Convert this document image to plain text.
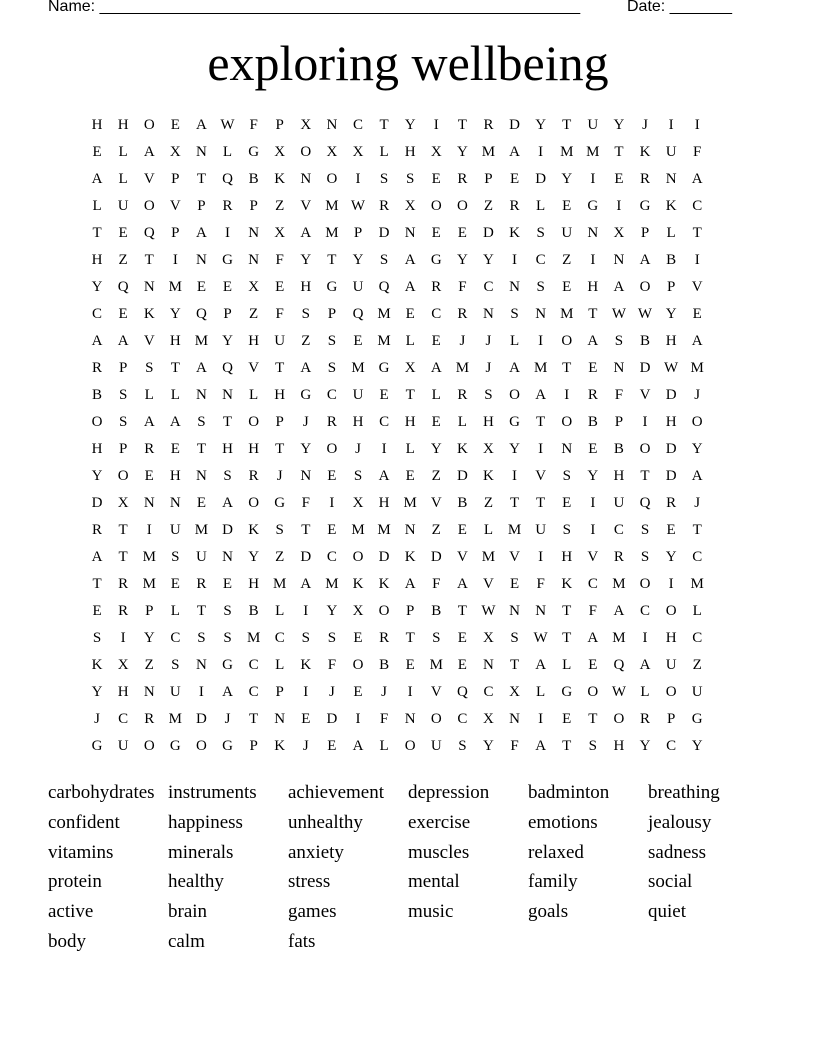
Name: ______________________________________________________	Date: _______
exploring wellbeing
H H O E A W F P X N C T Y I T R D Y T U Y J I I
E L A X N L G X O X X L H X Y M A I M M T K U F
A L V P T Q B K N O I S S E R P E D Y I E R N A
L U O V P R P Z V M W R X O O Z R L E G I G K C
T E Q P A I N X A M P D N E E D K S U N X P L T
H Z T I N G N F Y T Y S A G Y Y I C Z I N A B I
Y Q N M E E X E H G U Q A R F C N S E H A O P V
C E K Y Q P Z F S P Q M E C R N S N M T W W Y E
A A V H M Y H U Z S E M L E J J L I O A S B H A
R P S T A Q V T A S M G X A M J A M T E N D W M
B S L L N N L H G C U E T L R S O A I R F V D J
O S A A S T O P J R H C H E L H G T O B P I H O
H P R E T H H T Y O J I L Y K X Y I N E B O D Y
Y O E H N S R J N E S A E Z D K I V S Y H T D A
D X N N E A O G F I X H M V B Z T T E I U Q R J
R T I U M D K S T E M M N Z E L M U S I C S E T
A T M S U N Y Z D C O D K D V M V I H V R S Y C
T R M E R E H M A M K K A F A V E F K C M O I M
E R P L T S B L I Y X O P B T W N N T F A C O L
S I Y C S S M C S S E R T S E X S W T A M I H C
K X Z S N G C L K F O B E M E N T A L E Q A U Z
Y H N U I A C P I J E J I V Q C X L G O W L O U
J C R M D J T N E D I F N O C X N I E T O R P G
G U O G O G P K J E A L O U S Y F A T S H Y C Y
carbohydrates instruments achievement depression badminton breathing
confident	happiness unhealthy exercise	emotions	jealousy
vitamins	minerals	anxiety	muscles	relaxed	sadness
protein	healthy	stress	mental	family	social
active	brain	games	music	goals	quiet
body	calm	fats
